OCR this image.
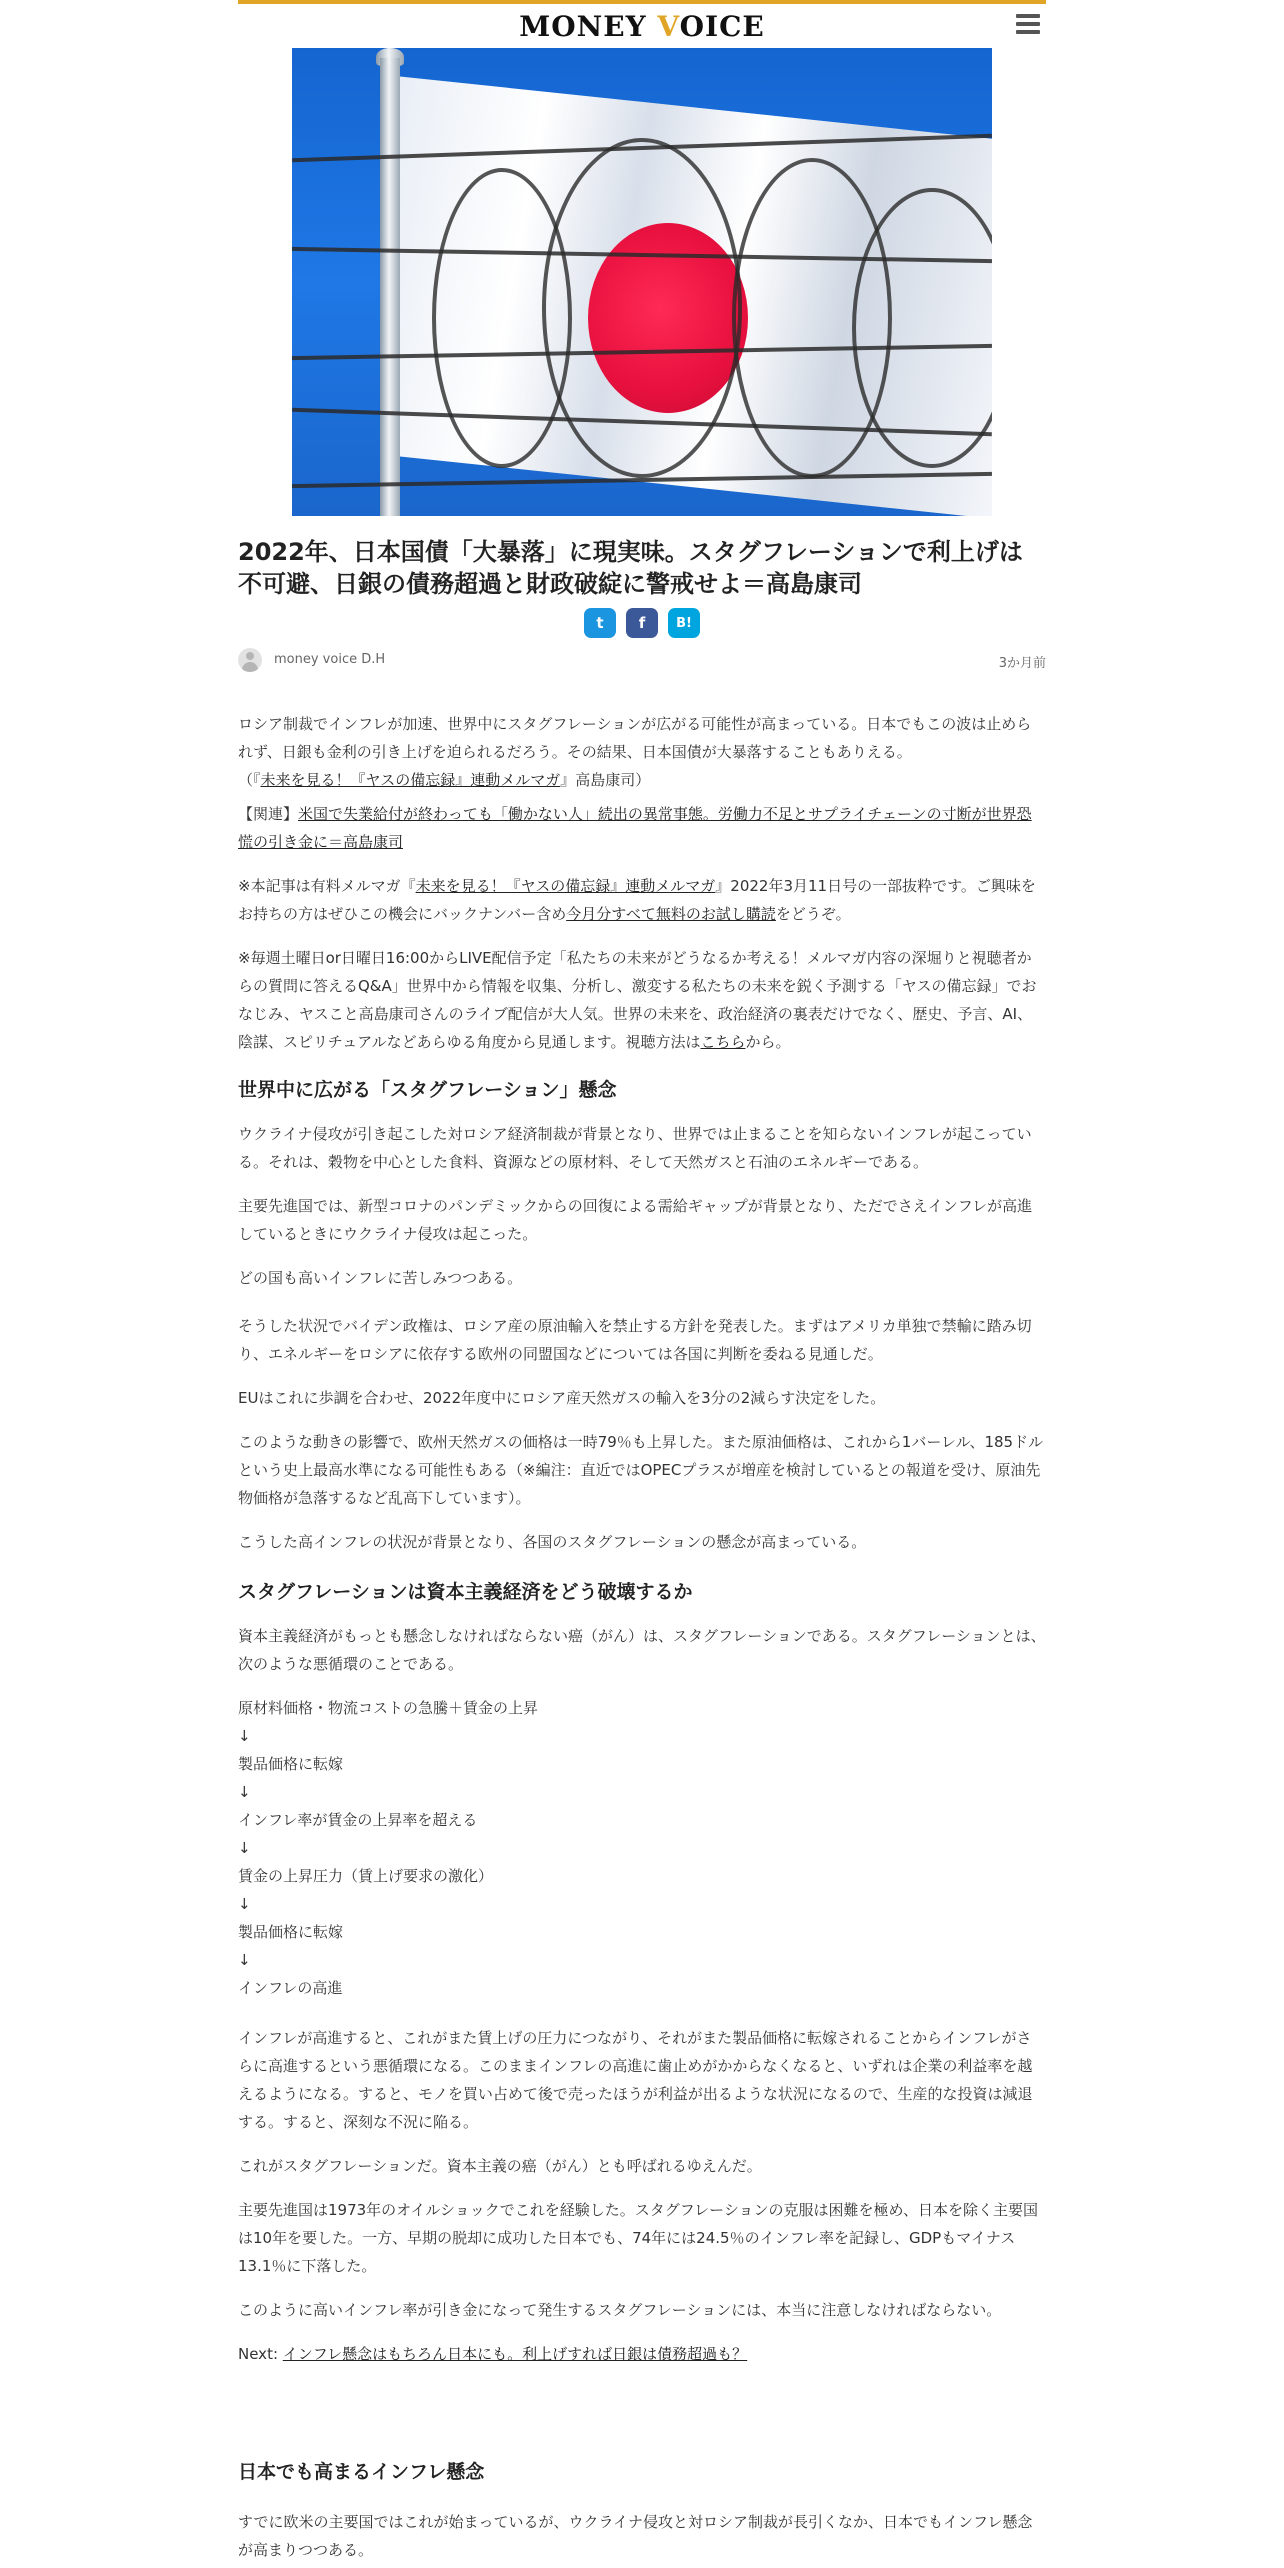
MONEY VOICE
2022年、日本国債「大暴落」に現実味。スタグフレーションで利上げは不可避、日銀の債務超過と財政破綻に警戒せよ＝高島康司
t f B!
money voice D.H	3か月前

ロシア制裁でインフレが加速、世界中にスタグフレーションが広がる可能性が高まっている。日本でもこの波は止められず、日銀も金利の引き上げを迫られるだろう。その結果、日本国債が大暴落することもありえる。
（『未来を見る！『ヤスの備忘録』連動メルマガ』高島康司）

【関連】米国で失業給付が終わっても「働かない人」続出の異常事態。労働力不足とサプライチェーンの寸断が世界恐慌の引き金に＝高島康司

※本記事は有料メルマガ『未来を見る！『ヤスの備忘録』連動メルマガ』2022年3月11日号の一部抜粋です。ご興味をお持ちの方はぜひこの機会にバックナンバー含め今月分すべて無料のお試し購読をどうぞ。

※毎週土曜日or日曜日16:00からLIVE配信予定「私たちの未来がどうなるか考える！メルマガ内容の深堀りと視聴者からの質問に答えるQ&A」世界中から情報を収集、分析し、激変する私たちの未来を鋭く予測する「ヤスの備忘録」でおなじみ、ヤスこと高島康司さんのライブ配信が大人気。世界の未来を、政治経済の裏表だけでなく、歴史、予言、AI、陰謀、スピリチュアルなどあらゆる角度から見通します。視聴方法はこちらから。

世界中に広がる「スタグフレーション」懸念

ウクライナ侵攻が引き起こした対ロシア経済制裁が背景となり、世界では止まることを知らないインフレが起こっている。それは、穀物を中心とした食料、資源などの原材料、そして天然ガスと石油のエネルギーである。

主要先進国では、新型コロナのパンデミックからの回復による需給ギャップが背景となり、ただでさえインフレが高進しているときにウクライナ侵攻は起こった。

どの国も高いインフレに苦しみつつある。

そうした状況でバイデン政権は、ロシア産の原油輸入を禁止する方針を発表した。まずはアメリカ単独で禁輸に踏み切り、エネルギーをロシアに依存する欧州の同盟国などについては各国に判断を委ねる見通しだ。

EUはこれに歩調を合わせ、2022年度中にロシア産天然ガスの輸入を3分の2減らす決定をした。

このような動きの影響で、欧州天然ガスの価格は一時79％も上昇した。また原油価格は、これから1バーレル、185ドルという史上最高水準になる可能性もある（※編注：直近ではOPECプラスが増産を検討しているとの報道を受け、原油先物価格が急落するなど乱高下しています）。

こうした高インフレの状況が背景となり、各国のスタグフレーションの懸念が高まっている。

スタグフレーションは資本主義経済をどう破壊するか

資本主義経済がもっとも懸念しなければならない癌（がん）は、スタグフレーションである。スタグフレーションとは、次のような悪循環のことである。

原材料価格・物流コストの急騰＋賃金の上昇
↓
製品価格に転嫁
↓
インフレ率が賃金の上昇率を超える
↓
賃金の上昇圧力（賃上げ要求の激化）
↓
製品価格に転嫁
↓
インフレの高進

インフレが高進すると、これがまた賃上げの圧力につながり、それがまた製品価格に転嫁されることからインフレがさらに高進するという悪循環になる。このままインフレの高進に歯止めがかからなくなると、いずれは企業の利益率を越えるようになる。すると、モノを買い占めて後で売ったほうが利益が出るような状況になるので、生産的な投資は減退する。すると、深刻な不況に陥る。

これがスタグフレーションだ。資本主義の癌（がん）とも呼ばれるゆえんだ。

主要先進国は1973年のオイルショックでこれを経験した。スタグフレーションの克服は困難を極め、日本を除く主要国は10年を要した。一方、早期の脱却に成功した日本でも、74年には24.5％のインフレ率を記録し、GDPもマイナス13.1％に下落した。

このように高いインフレ率が引き金になって発生するスタグフレーションには、本当に注意しなければならない。

Next: インフレ懸念はもちろん日本にも。利上げすれば日銀は債務超過も？

日本でも高まるインフレ懸念

すでに欧米の主要国ではこれが始まっているが、ウクライナ侵攻と対ロシア制裁が長引くなか、日本でもインフレ懸念が高まりつつある。
